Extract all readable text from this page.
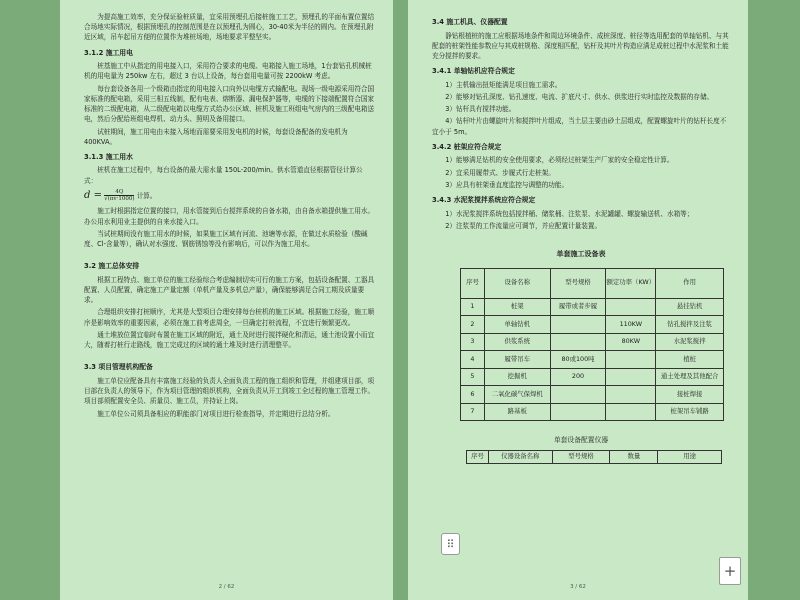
为提高施工效率，充分保证验桩质量，宜采用预埋孔后接桩施工工艺，预埋孔的平面布置位置结合场地实际情况，根据预埋孔的控制范围是在以预埋孔为圆心，30-40米为半径的圆内。在预埋孔附近区域，吊车起吊方便的位置作为堆桩场地，场地要求平整坚实。

3.1.2 施工用电

桩基施工中从指定的用电接入口，采用符合要求的电缆、电箱接入施工场地，1台套钻孔机械桩机的用电量为 250kw 左右，超过 3 台以上设备，每台套用电量可按 2200kW 考虑。

每台套设备各用一个级箱由指定的用电接入口向外以电缆方式输配电。现场一级电源采用符合国家标准的配电箱，采用三相五线制，配有电表、熔断器、漏电保护器等，电缆的下接端配置符合国家标准的二级配电箱，从二级配电箱以电缆方式给办公区域、桩机及施工班组电气房内的三级配电箱送电，然后分配给班组电焊机、动力头、照明及备用接口。

试桩期间，施工用电由未接入场地而需要采用发电机的时候，每套设备配备的发电机为 400KVA。

3.1.3 施工用水

桩机在施工过程中，每台设备的最大需水量 150L-200/min。供水管道直径根据管径计算公式：

$d = \frac{4Q}{√(\pi v\cdot 1000)}$ 计算。

施工时根据指定位置的接口，用水管接到后台搅拌系统的自备水箱，由自备水箱提供施工用水。办公用水利用业主提供的自来水接入口。

当试桩期间没有施工用水的时候，如果施工区域有河流、池塘等水源，在做过水质检验（酸碱度、Cl-含量等），确认对水强度、钢筋锈蚀等没有影响后，可以作为施工用水。

3.2 施工总体安排

根据工程特点、施工单位的施工经验综合考虑编制切实可行的施工方案，包括设备配置、工器具配置、人员配置，确定施工产量定额（单机产量及多机总产量），确保能够满足合同工期及质量要求。

合理组织安排打桩顺序，尤其是大型项目合理安排每台桩机的施工区域。根据施工经验，施工顺序是影响效率的重要因素，必须在施工前考虑周全，一旦确定打桩流程，不宜进行频繁更改。

通土堆放位置宜临时布置在施工区域的附近，通土及时进行搅拌硬化和清运，通土池设置小而宜大，随着打桩行走路线，施工完成过的区域的通土堆及时进行清理整平。

3.3 项目管理机构配备

施工单位应配备具有丰富施工经验的负责人全面负责工程的施工组织和管理，并组建项目部，项目部在负责人的领导下，作为项目管理的组织机构，全面负责从开工到竣工全过程的施工管理工作。项目部须配置安全员、质量员、施工员，并持证上岗。

施工单位公司须具备相应的职能部门对项目进行检查指导，并定期进行总结分析。

2 / 62
3.4 施工机具、仪器配置

静钻根植桩的施工应根据场地条件和周边环境条件、成桩深度、桩径等选用配套的单轴钻机、与其配套的桩架性能参数应与其成桩规格、深度相匹配，钻杆及其叶片构造应满足成桩过程中水泥浆和土能充分搅拌的要求。

3.4.1 单轴钻机应符合规定

1）主机输出扭矩能满足项目施工需求。

2）能够对钻孔深度、钻孔速度、电流、扩底尺寸、供水、供浆进行实时监控及数据的存储。

3）钻杆具有搅拌功能。

4）钻杆叶片由螺旋叶片和搅拌叶片组成，当土层主要由砂土层组成，配置螺旋叶片的钻杆长度不宜小于 5m。

3.4.2 桩架应符合规定

1）能够满足钻机的安全使用要求，必须经过桩架生产厂家的安全稳定性计算。

2）宜采用履带式、步履式行走桩架。

3）应具有桩架垂直度监控与调整的功能。

3.4.3 水泥浆搅拌系统应符合规定

1）水泥浆搅拌系统包括搅拌桶、储浆桶、注浆泵、水泥罐罐、螺旋输送机、水箱等；

2）注浆泵的工作流量应可调节，并应配置计量装置。

单套施工设备表
序号	设备名称	型号规格	额定功率（KW）	作用
1	桩架	履带或者步履		悬挂钻机
2	单轴钻机		110KW	钻孔搅拌及注浆
3	供浆系统		80KW	水泥浆搅拌
4	履带吊车	80或100吨		植桩
5	挖掘机	200		通土处理及其他配合
6	二氧化碳气保焊机			接桩焊接
7	路基板			桩架吊车铺路
单套设备配置仪器
序号	仪器设备名称	型号规格	数量	用途
3 / 62
⠿
+
